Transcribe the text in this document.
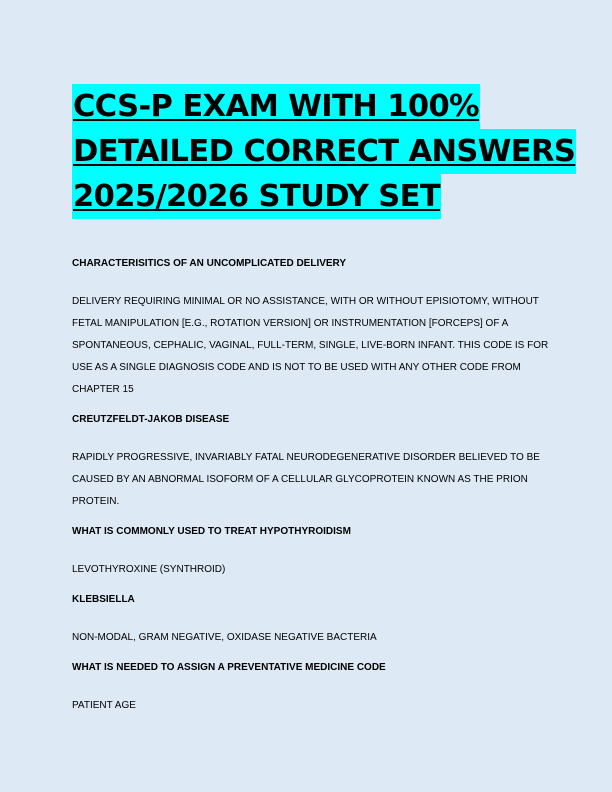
CCS-P EXAM WITH 100%
DETAILED CORRECT ANSWERS
2025/2026 STUDY SET

CHARACTERISITICS OF AN UNCOMPLICATED DELIVERY

DELIVERY REQUIRING MINIMAL OR NO ASSISTANCE, WITH OR WITHOUT EPISIOTOMY, WITHOUT FETAL MANIPULATION [E.G., ROTATION VERSION] OR INSTRUMENTATION [FORCEPS] OF A SPONTANEOUS, CEPHALIC, VAGINAL, FULL-TERM, SINGLE, LIVE-BORN INFANT. THIS CODE IS FOR USE AS A SINGLE DIAGNOSIS CODE AND IS NOT TO BE USED WITH ANY OTHER CODE FROM CHAPTER 15

CREUTZFELDT-JAKOB DISEASE

RAPIDLY PROGRESSIVE, INVARIABLY FATAL NEURODEGENERATIVE DISORDER BELIEVED TO BE CAUSED BY AN ABNORMAL ISOFORM OF A CELLULAR GLYCOPROTEIN KNOWN AS THE PRION PROTEIN.

WHAT IS COMMONLY USED TO TREAT HYPOTHYROIDISM

LEVOTHYROXINE (SYNTHROID)

KLEBSIELLA

NON-MODAL, GRAM NEGATIVE, OXIDASE NEGATIVE BACTERIA

WHAT IS NEEDED TO ASSIGN A PREVENTATIVE MEDICINE CODE

PATIENT AGE
